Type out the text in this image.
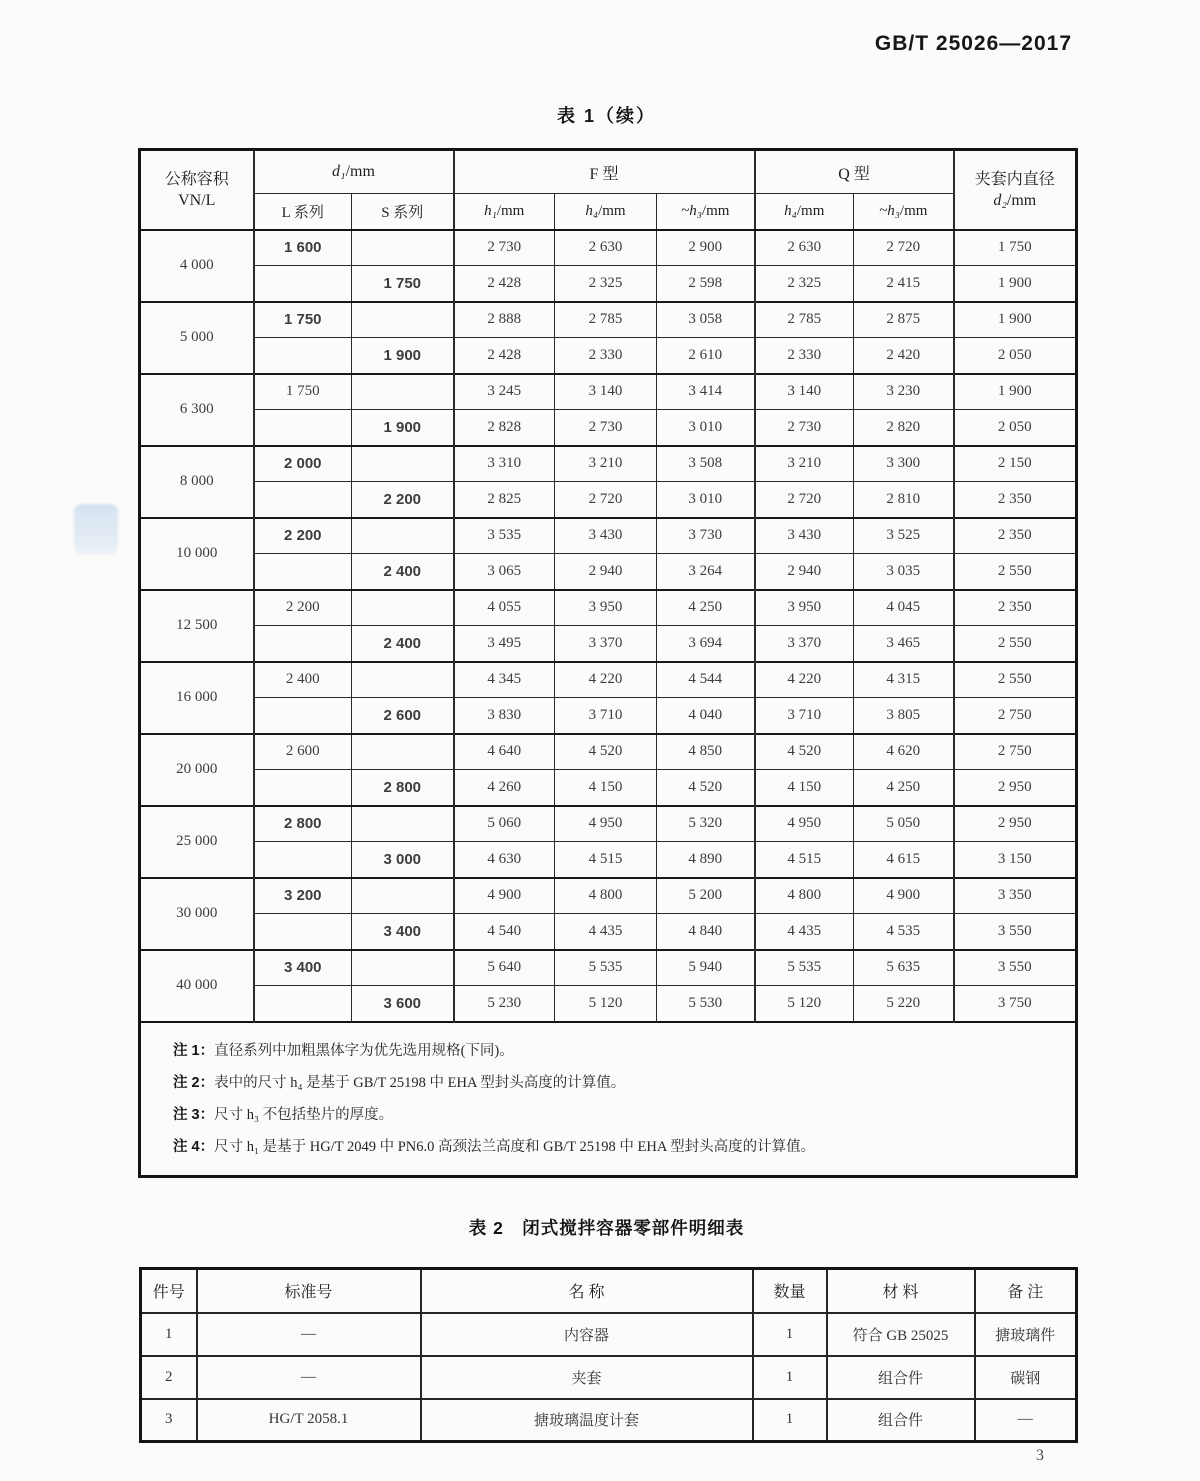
GB/T 25026—2017
表 1（续）
公称容积
VN/L	d₁/mm		F 型			Q 型		夹套内直径
d₂/mm
	L 系列	S 系列	h₁/mm	h₄/mm	~h₃/mm	h₄/mm	~h₃/mm	
4 000	1 600		2 730	2 630	2 900	2 630	2 720	1 750
		1 750	2 428	2 325	2 598	2 325	2 415	1 900
5 000	1 750		2 888	2 785	3 058	2 785	2 875	1 900
		1 900	2 428	2 330	2 610	2 330	2 420	2 050
6 300	1 750		3 245	3 140	3 414	3 140	3 230	1 900
		1 900	2 828	2 730	3 010	2 730	2 820	2 050
8 000	2 000		3 310	3 210	3 508	3 210	3 300	2 150
		2 200	2 825	2 720	3 010	2 720	2 810	2 350
10 000	2 200		3 535	3 430	3 730	3 430	3 525	2 350
		2 400	3 065	2 940	3 264	2 940	3 035	2 550
12 500	2 200		4 055	3 950	4 250	3 950	4 045	2 350
		2 400	3 495	3 370	3 694	3 370	3 465	2 550
16 000	2 400		4 345	4 220	4 544	4 220	4 315	2 550
		2 600	3 830	3 710	4 040	3 710	3 805	2 750
20 000	2 600		4 640	4 520	4 850	4 520	4 620	2 750
		2 800	4 260	4 150	4 520	4 150	4 250	2 950
25 000	2 800		5 060	4 950	5 320	4 950	5 050	2 950
		3 000	4 630	4 515	4 890	4 515	4 615	3 150
30 000	3 200		4 900	4 800	5 200	4 800	4 900	3 350
		3 400	4 540	4 435	4 840	4 435	4 535	3 550
40 000	3 400		5 640	5 535	5 940	5 535	5 635	3 550
		3 600	5 230	5 120	5 530	5 120	5 220	3 750

注 1：直径系列中加粗黑体字为优先选用规格(下同)。
注 2：表中的尺寸 h₄ 是基于 GB/T 25198 中 EHA 型封头高度的计算值。
注 3：尺寸 h₃ 不包括垫片的厚度。
注 4：尺寸 h₁ 是基于 HG/T 2049 中 PN6.0 高颈法兰高度和 GB/T 25198 中 EHA 型封头高度的计算值。								
表 2　闭式搅拌容器零部件明细表
件号	标准号	名 称	数量	材 料	备 注
1	—	内容器	1	符合 GB 25025	搪玻璃件
2	—	夹套	1	组合件	碳钢
3	HG/T 2058.1	搪玻璃温度计套	1	组合件	—
3
